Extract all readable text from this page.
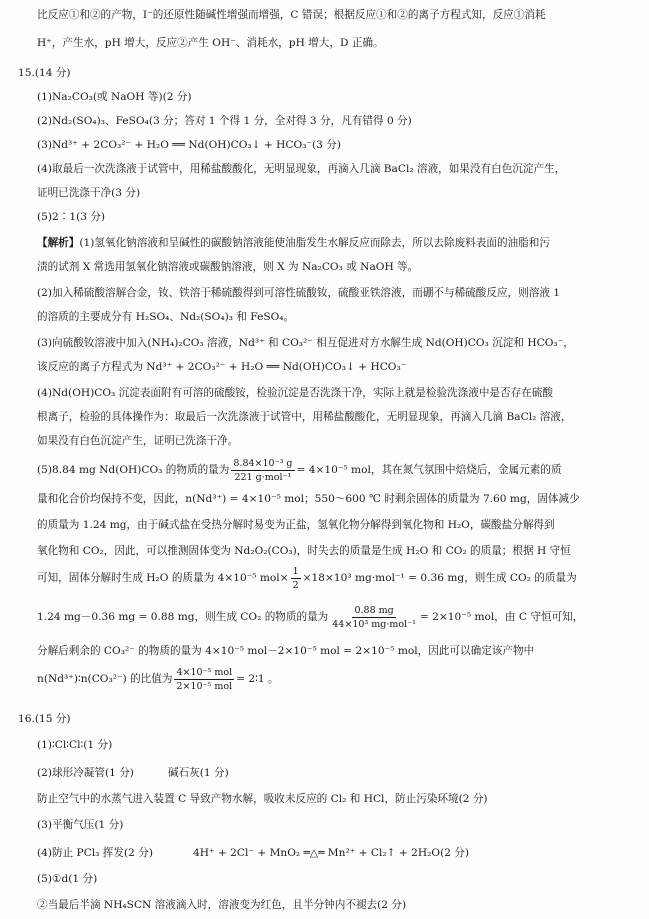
比反应①和②的产物，I⁻的还原性随碱性增强而增强，C 错误；根据反应①和②的离子方程式知，反应①消耗
H⁺，产生水，pH 增大，反应②产生 OH⁻、消耗水，pH 增大，D 正确。
15.(14 分)
(1)Na₂CO₃(或 NaOH 等)(2 分)
(2)Nd₂(SO₄)₃、FeSO₄(3 分；答对 1 个得 1 分，全对得 3 分，凡有错得 0 分)
(3)Nd³⁺ + 2CO₃²⁻ + H₂O ══ Nd(OH)CO₃↓ + HCO₃⁻(3 分)
(4)取最后一次洗涤液于试管中，用稀盐酸酸化，无明显现象，再滴入几滴 BaCl₂ 溶液，如果没有白色沉淀产生，
证明已洗涤干净(3 分)
(5)2∶1(3 分)
【解析】(1)氢氧化钠溶液和呈碱性的碳酸钠溶液能使油脂发生水解反应而除去，所以去除废料表面的油脂和污
渍的试剂 X 常选用氢氧化钠溶液或碳酸钠溶液，则 X 为 Na₂CO₃ 或 NaOH 等。
(2)加入稀硫酸溶解合金，钕、铁溶于稀硫酸得到可溶性硫酸钕，硫酸亚铁溶液，而硼不与稀硫酸反应，则溶液 1
的溶质的主要成分有 H₂SO₄、Nd₂(SO₄)₃ 和 FeSO₄。
(3)向硫酸钕溶液中加入(NH₄)₂CO₃ 溶液，Nd³⁺ 和 CO₃²⁻ 相互促进对方水解生成 Nd(OH)CO₃ 沉淀和 HCO₃⁻，
该反应的离子方程式为 Nd³⁺ + 2CO₃²⁻ + H₂O ══ Nd(OH)CO₃↓ + HCO₃⁻
(4)Nd(OH)CO₃ 沉淀表面附有可溶的硫酸铵，检验沉淀是否洗涤干净，实际上就是检验洗涤液中是否存在硫酸
根离子，检验的具体操作为：取最后一次洗涤液于试管中，用稀盐酸酸化，无明显现象，再滴入几滴 BaCl₂ 溶液，
如果没有白色沉淀产生，证明已洗涤干净。
(5)8.84 mg Nd(OH)CO₃ 的物质的量为 $\frac{\text{8.84×10⁻³ g}}{\text{221 g·mol⁻¹}} = 4\times 10^{-5}$ mol，其在氮气氛围中焙烧后，金属元素的质
量和化合价均保持不变，因此，n(Nd³⁺) = 4×10⁻⁵ mol；550～600 ℃ 时剩余固体的质量为 7.60 mg，固体减少
的质量为 1.24 mg，由于碱式盐在受热分解时易变为正盐，氢氧化物分解得到氧化物和 H₂O，碳酸盐分解得到
氧化物和 CO₂，因此，可以推测固体变为 Nd₂O₂(CO₃)，时失去的质量是生成 H₂O 和 CO₂ 的质量；根据 H 守恒
可知，固体分解时生成 H₂O 的质量为 4×10⁻⁵ $mol\times \frac{1}{2} \times 18\times 10^3$ mg·mol⁻¹ = 0.36 mg，则生成 CO₂ 的质量为
1.24 mg－0.36 mg = 0.88 mg，则生成 CO₂ 的物质的量为 $\frac{0.88 mg}{\text{44×10³ mg·mol⁻¹}} = 2\times 10^{-5}$ mol，由 C 守恒可知，
分解后剩余的 CO₃²⁻ 的物质的量为 4×10⁻⁵ mol－2×10⁻⁵ mol = 2×10⁻⁵ mol，因此可以确定该产物中
n(Nd³⁺)∶n(CO₃²⁻) 的比值为 $\frac{\text{4×10⁻⁵ mol}}{\text{2×10⁻⁵ mol}}$ = 2∶1 。
16.(15 分)
(1)∶Cl∶Cl∶(1 分)
(2)球形冷凝管(1 分)	碱石灰(1 分)
防止空气中的水蒸气进入装置 C 导致产物水解，吸收未反应的 Cl₂ 和 HCl，防止污染环境(2 分)
(3)平衡气压(1 分)
(4)防止 PCl₃ 挥发(2 分)	4H⁺ + 2Cl⁻ + MnO₂ ═△═ Mn²⁺ + Cl₂↑ + 2H₂O(2 分)
(5)①d(1 分)
②当最后半滴 NH₄SCN 溶液滴入时，溶液变为红色，且半分钟内不褪去(2 分)
